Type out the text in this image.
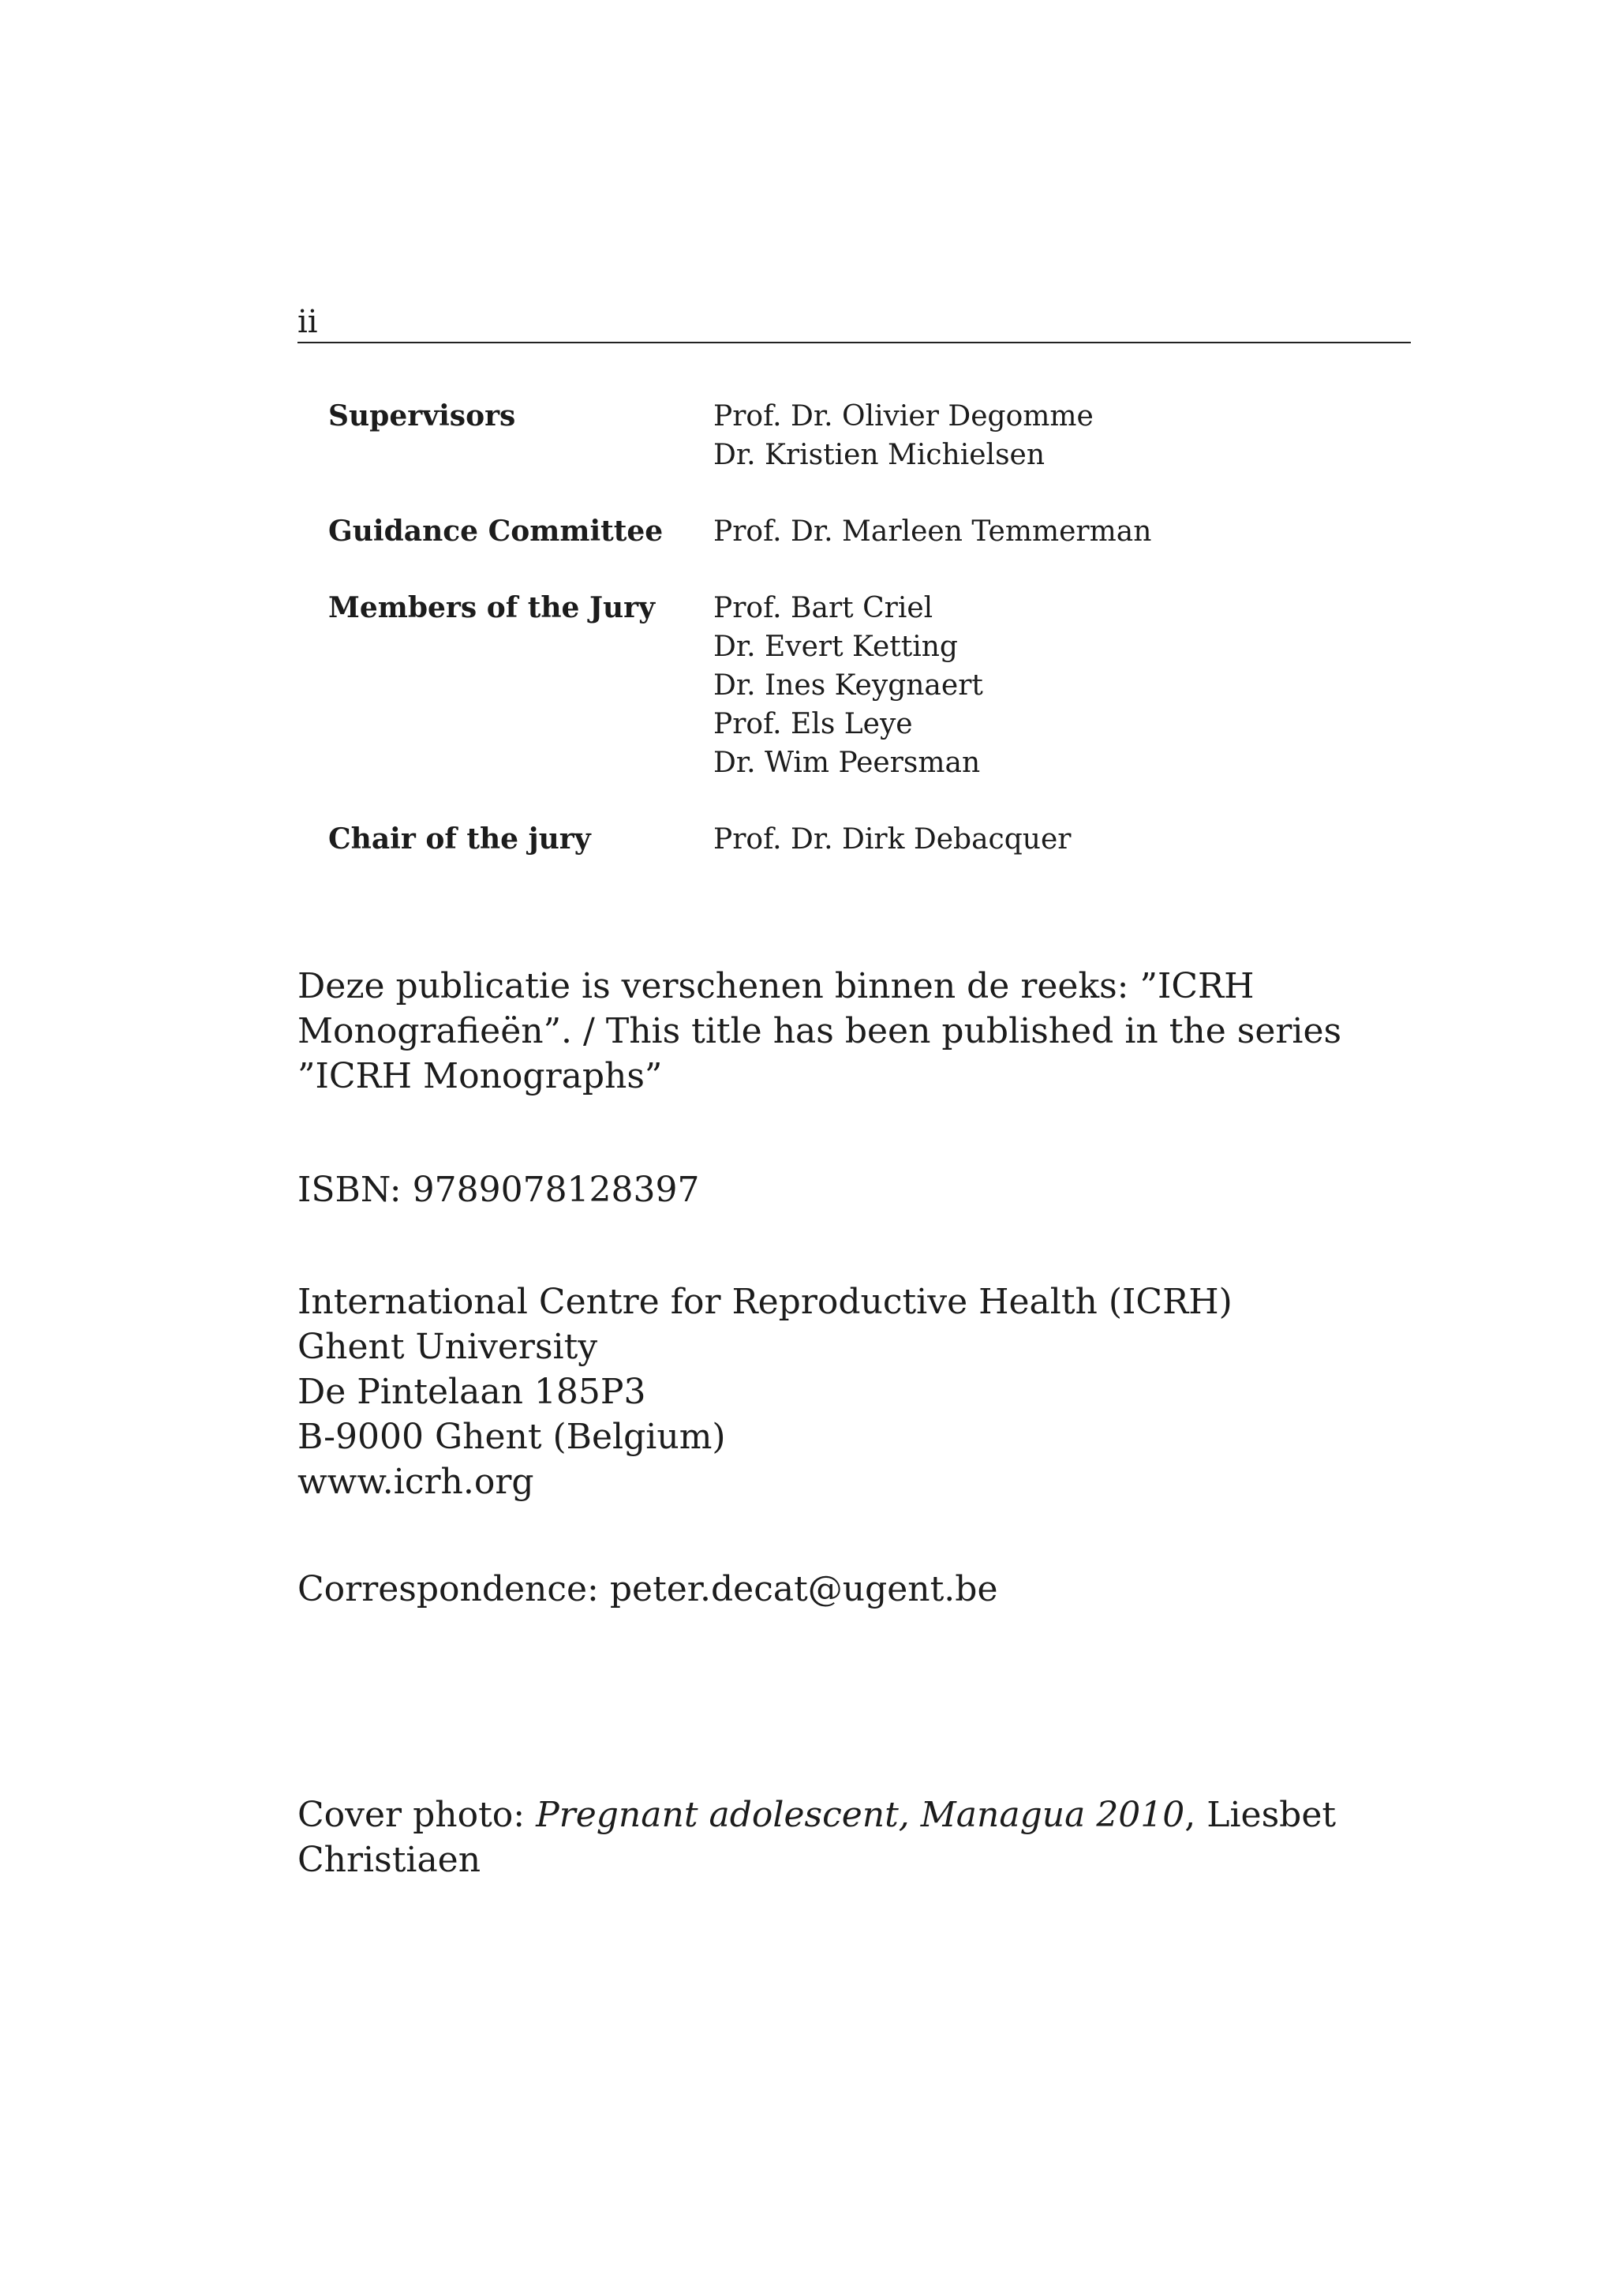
ii
Supervisors	Prof. Dr. Olivier Degomme
Dr. Kristien Michielsen
Guidance Committee	Prof. Dr. Marleen Temmerman
Members of the Jury	Prof. Bart Criel
Dr. Evert Ketting
Dr. Ines Keygnaert
Prof. Els Leye
Dr. Wim Peersman
Chair of the jury	Prof. Dr. Dirk Debacquer
Deze publicatie is verschenen binnen de reeks: ”ICRH
Monografieën”. / This title has been published in the series
”ICRH Monographs”
ISBN: 9789078128397
International Centre for Reproductive Health (ICRH)
Ghent University
De Pintelaan 185P3
B-9000 Ghent (Belgium)
www.icrh.org
Correspondence: peter.decat@ugent.be
Cover photo: Pregnant adolescent, Managua 2010, Liesbet
Christiaen
